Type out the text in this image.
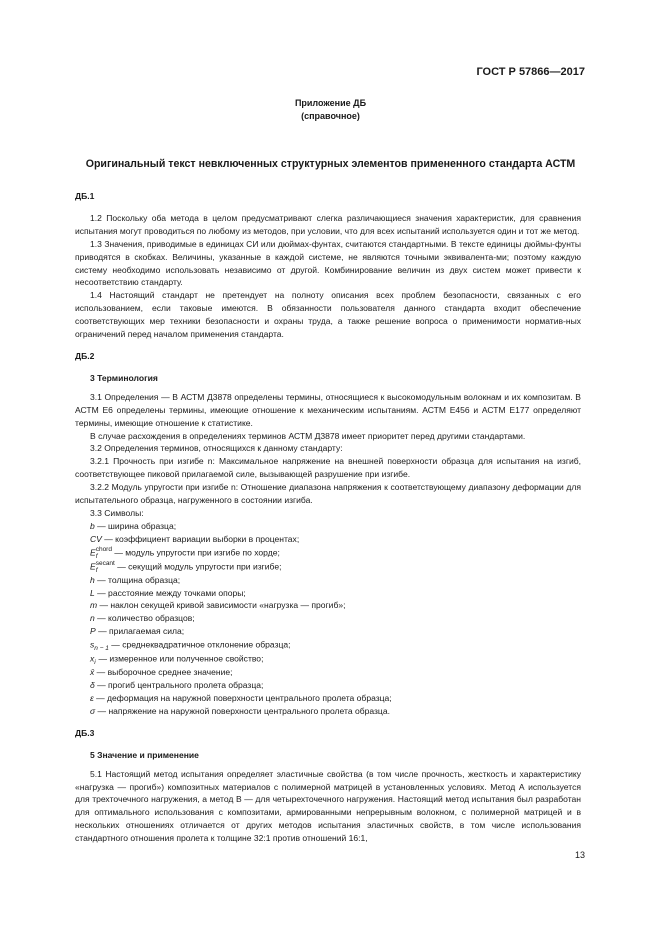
ГОСТ Р 57866—2017
Приложение ДБ
(справочное)
Оригинальный текст невключенных структурных элементов примененного стандарта АСТМ

ДБ.1

1.2 Поскольку оба метода в целом предусматривают слегка различающиеся значения характеристик, для сравнения испытания могут проводиться по любому из методов, при условии, что для всех испытаний используется один и тот же метод.

1.3 Значения, приводимые в единицах СИ или дюймах-фунтах, считаются стандартными. В тексте единицы дюймы-фунты приводятся в скобках. Величины, указанные в каждой системе, не являются точными эквивалента-ми; поэтому каждую систему необходимо использовать независимо от другой. Комбинирование величин из двух систем может привести к несоответствию стандарту.

1.4 Настоящий стандарт не претендует на полноту описания всех проблем безопасности, связанных с его использованием, если таковые имеются. В обязанности пользователя данного стандарта входит обеспечение соответствующих мер техники безопасности и охраны труда, а также решение вопроса о применимости норматив-ных ограничений перед началом применения стандарта.

ДБ.2

3 Терминология

3.1 Определения — В АСТМ Д3878 определены термины, относящиеся к высокомодульным волокнам и их композитам. В АСТМ Е6 определены термины, имеющие отношение к механическим испытаниям. АСТМ Е456 и АСТМ Е177 определяют термины, имеющие отношение к статистике.

В случае расхождения в определениях терминов АСТМ Д3878 имеет приоритет перед другими стандартами.

3.2 Определения терминов, относящихся к данному стандарту:

3.2.1 Прочность при изгибе n: Максимальное напряжение на внешней поверхности образца для испытания на изгиб, соответствующее пиковой прилагаемой силе, вызывающей разрушение при изгибе.

3.2.2 Модуль упругости при изгибе n: Отношение диапазона напряжения к соответствующему диапазону деформации для испытательного образца, нагруженного в состоянии изгиба.

3.3 Символы:

b — ширина образца;
CV — коэффициент вариации выборки в процентах;
E chord
f	— модуль упругости при изгибе по хорде;
E secant
f	— секущий модуль упругости при изгибе;
h — толщина образца;
L — расстояние между точками опоры;
m — наклон секущей кривой зависимости «нагрузка — прогиб»;
n — количество образцов;
P — прилагаемая сила;
s
n − 1 — среднеквадратичное отклонение образца;
x
i — измеренное или полученное свойство;
x̄ — выборочное среднее значение;
δ — прогиб центрального пролета образца;
ε — деформация на наружной поверхности центрального пролета образца;
σ — напряжение на наружной поверхности центрального пролета образца.

ДБ.3

5 Значение и применение

5.1 Настоящий метод испытания определяет эластичные свойства (в том числе прочность, жесткость и характеристику «нагрузка — прогиб») композитных материалов с полимерной матрицей в установленных условиях. Метод А используется для трехточечного нагружения, а метод В — для четырехточечного нагружения. Настоящий метод испытания был разработан для оптимального использования с композитами, армированными непрерывным волокном, с полимерной матрицей и в нескольких отношениях отличается от других методов испытания эластичных свойств, в том числе использования стандартного отношения пролета к толщине 32:1 против отношений 16:1,

13
